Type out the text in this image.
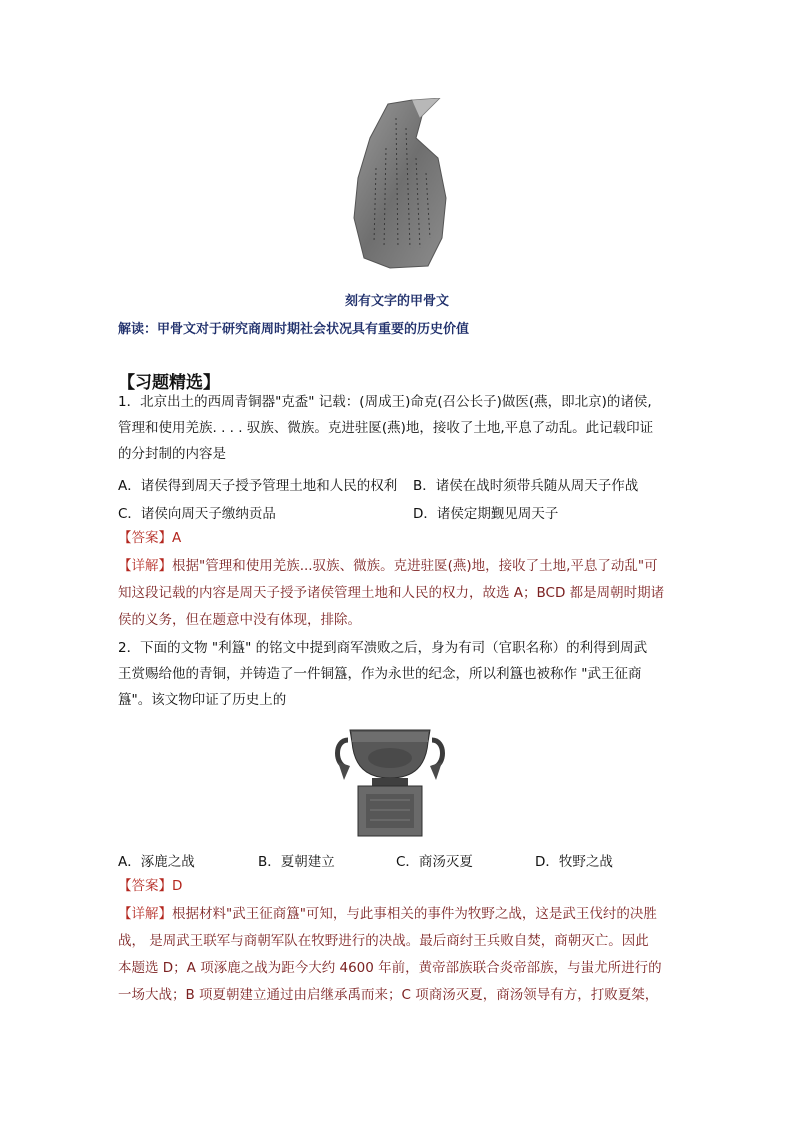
刻有文字的甲骨文
解读：甲骨文对于研究商周时期社会状况具有重要的历史价值
【习题精选】
1．北京出土的西周青铜器"克盉" 记载：(周成王)命克(召公长子)做医(燕，即北京)的诸侯,
管理和使用羌族. . . . 驭族、微族。克进驻匽(燕)地，接收了土地,平息了动乱。此记载印证
的分封制的内容是
A．诸侯得到周天子授予管理土地和人民的权利 B．诸侯在战时须带兵随从周天子作战
C．诸侯向周天子缴纳贡品	D．诸侯定期觐见周天子
【答案】A
【详解】根据"管理和使用羌族...驭族、微族。克进驻匽(燕)地，接收了土地,平息了动乱"可
知这段记载的内容是周天子授予诸侯管理土地和人民的权力，故选 A；BCD 都是周朝时期诸
侯的义务，但在题意中没有体现，排除。
2．下面的文物 "利簋" 的铭文中提到商军溃败之后，身为有司（官职名称）的利得到周武
王赏赐给他的青铜，并铸造了一件铜簋，作为永世的纪念，所以利簋也被称作 "武王征商
簋"。该文物印证了历史上的
A．涿鹿之战	B．夏朝建立	C．商汤灭夏	D．牧野之战
【答案】D
【详解】根据材料"武王征商簋"可知，与此事相关的事件为牧野之战，这是武王伐纣的决胜
战， 是周武王联军与商朝军队在牧野进行的决战。最后商纣王兵败自焚，商朝灭亡。因此
本题选 D；A 项涿鹿之战为距今大约 4600 年前，黄帝部族联合炎帝部族，与蚩尤所进行的
一场大战；B 项夏朝建立通过由启继承禹而来；C 项商汤灭夏，商汤领导有方，打败夏桀，
